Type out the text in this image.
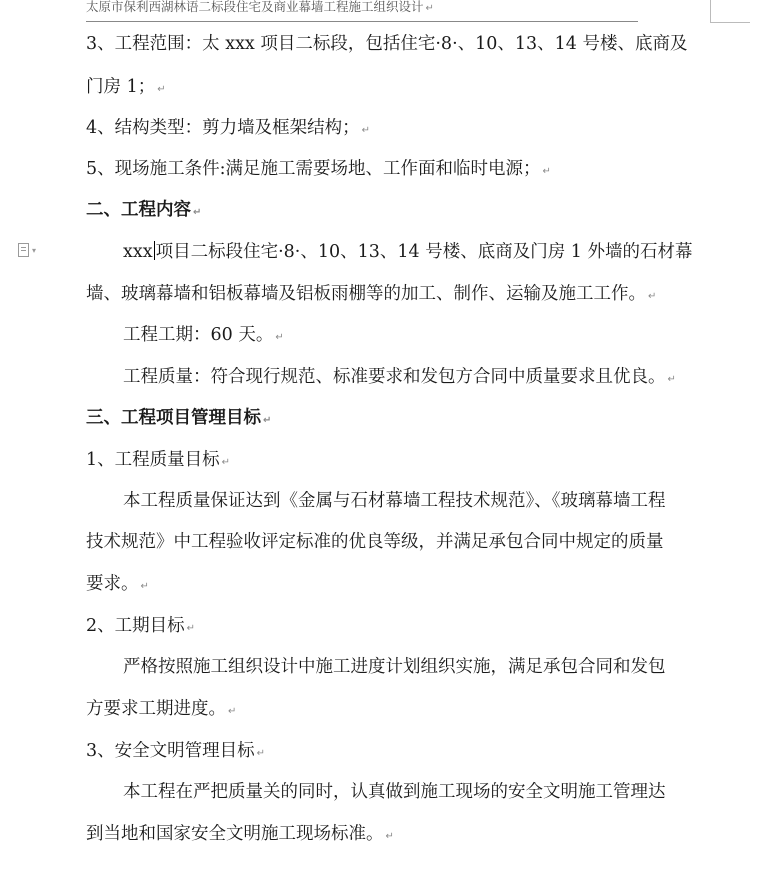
太原市保利西湖林语二标段住宅及商业幕墙工程施工组织设计 ↵
▾
3、工程范围：太 xxx 项目二标段，包括住宅·8·、10、13、14 号楼、底商及
门房 1； ↵
4、结构类型：剪力墙及框架结构； ↵
5、现场施工条件:满足施工需要场地、工作面和临时电源； ↵
二、工程内容 ↵
xxx 项目二标段住宅·8·、10、13、14 号楼、底商及门房 1 外墙的石材幕
墙、玻璃幕墙和铝板幕墙及铝板雨棚等的加工、制作、运输及施工工作。 ↵
工程工期：60 天。 ↵
工程质量：符合现行规范、标准要求和发包方合同中质量要求且优良。 ↵
三、工程项目管理目标 ↵
1、工程质量目标 ↵
本工程质量保证达到《金属与石材幕墙工程技术规范》、《玻璃幕墙工程
技术规范》中工程验收评定标准的优良等级，并满足承包合同中规定的质量
要求。 ↵
2、工期目标 ↵
严格按照施工组织设计中施工进度计划组织实施，满足承包合同和发包
方要求工期进度。 ↵
3、安全文明管理目标 ↵
本工程在严把质量关的同时，认真做到施工现场的安全文明施工管理达
到当地和国家安全文明施工现场标准。 ↵
